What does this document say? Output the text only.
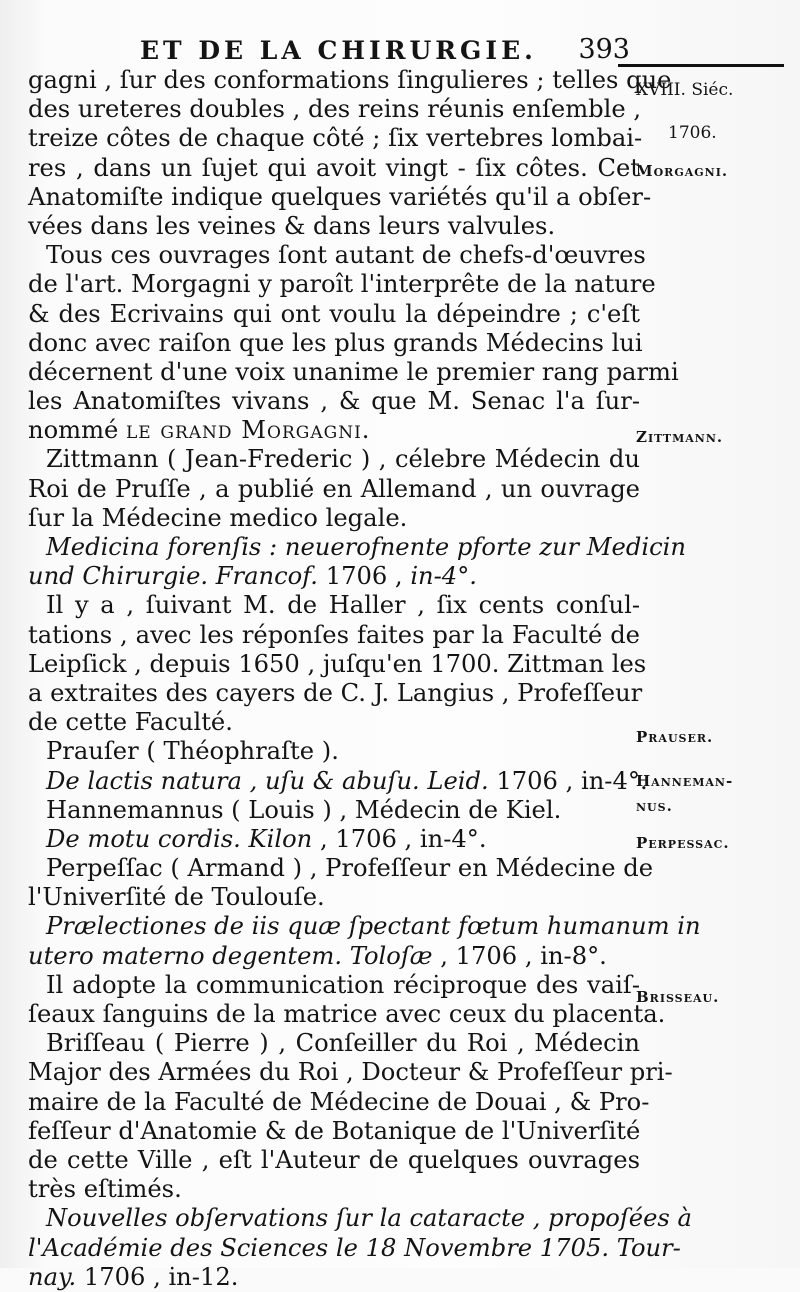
ET DE LA CHIRURGIE. 393
gagni , ſur des conformations ſingulieres ; telles que
des ureteres doubles , des reins réunis enſemble ,
treize côtes de chaque côté ; ſix vertebres lombai-
res , dans un ſujet qui avoit vingt - ſix côtes. Cet
Anatomiſte indique quelques variétés qu'il a obſer-
vées dans les veines & dans leurs valvules.
Tous ces ouvrages ſont autant de chefs-d'œuvres
de l'art. Morgagni y paroît l'interprête de la nature
& des Ecrivains qui ont voulu la dépeindre ; c'eſt
donc avec raiſon que les plus grands Médecins lui
décernent d'une voix unanime le premier rang parmi
les Anatomiſtes vivans , & que M. Senac l'a ſur-
nommé le grand Morgagni.
Zittmann ( Jean-Frederic ) , célebre Médecin du
Roi de Pruſſe , a publié en Allemand , un ouvrage
ſur la Médecine medico legale.
Medicina forenſis : neuerofnente pforte zur Medicin
und Chirurgie. Francof. 1706 , in-4°.
Il y a , ſuivant M. de Haller , ſix cents conſul-
tations , avec les réponſes faites par la Faculté de
Leipſick , depuis 1650 , juſqu'en 1700. Zittman les
a extraites des cayers de C. J. Langius , Profeſſeur
de cette Faculté.
Prauſer ( Théophraſte ).
De lactis natura , uſu & abuſu. Leid. 1706 , in-4°.
Hannemannus ( Louis ) , Médecin de Kiel.
De motu cordis. Kilon , 1706 , in-4°.
Perpeſſac ( Armand ) , Profeſſeur en Médecine de
l'Univerſité de Toulouſe.
Prælectiones de iis quæ ſpectant fœtum humanum in
utero materno degentem. Toloſæ , 1706 , in-8°.
Il adopte la communication réciproque des vaiſ-
ſeaux ſanguins de la matrice avec ceux du placenta.
Briſſeau ( Pierre ) , Conſeiller du Roi , Médecin
Major des Armées du Roi , Docteur & Profeſſeur pri-
maire de la Faculté de Médecine de Douai , & Pro-
feſſeur d'Anatomie & de Botanique de l'Univerſité
de cette Ville , eſt l'Auteur de quelques ouvrages
très eſtimés.
Nouvelles obſervations ſur la cataracte , propoſées à
l'Académie des Sciences le 18 Novembre 1705. Tour-
nay. 1706 , in-12.
XVIII. Siéc.
1706.
Morgagni.
Zittmann.
Prauser.
Hanneman-
nus.
Perpessac.
Brisseau.
